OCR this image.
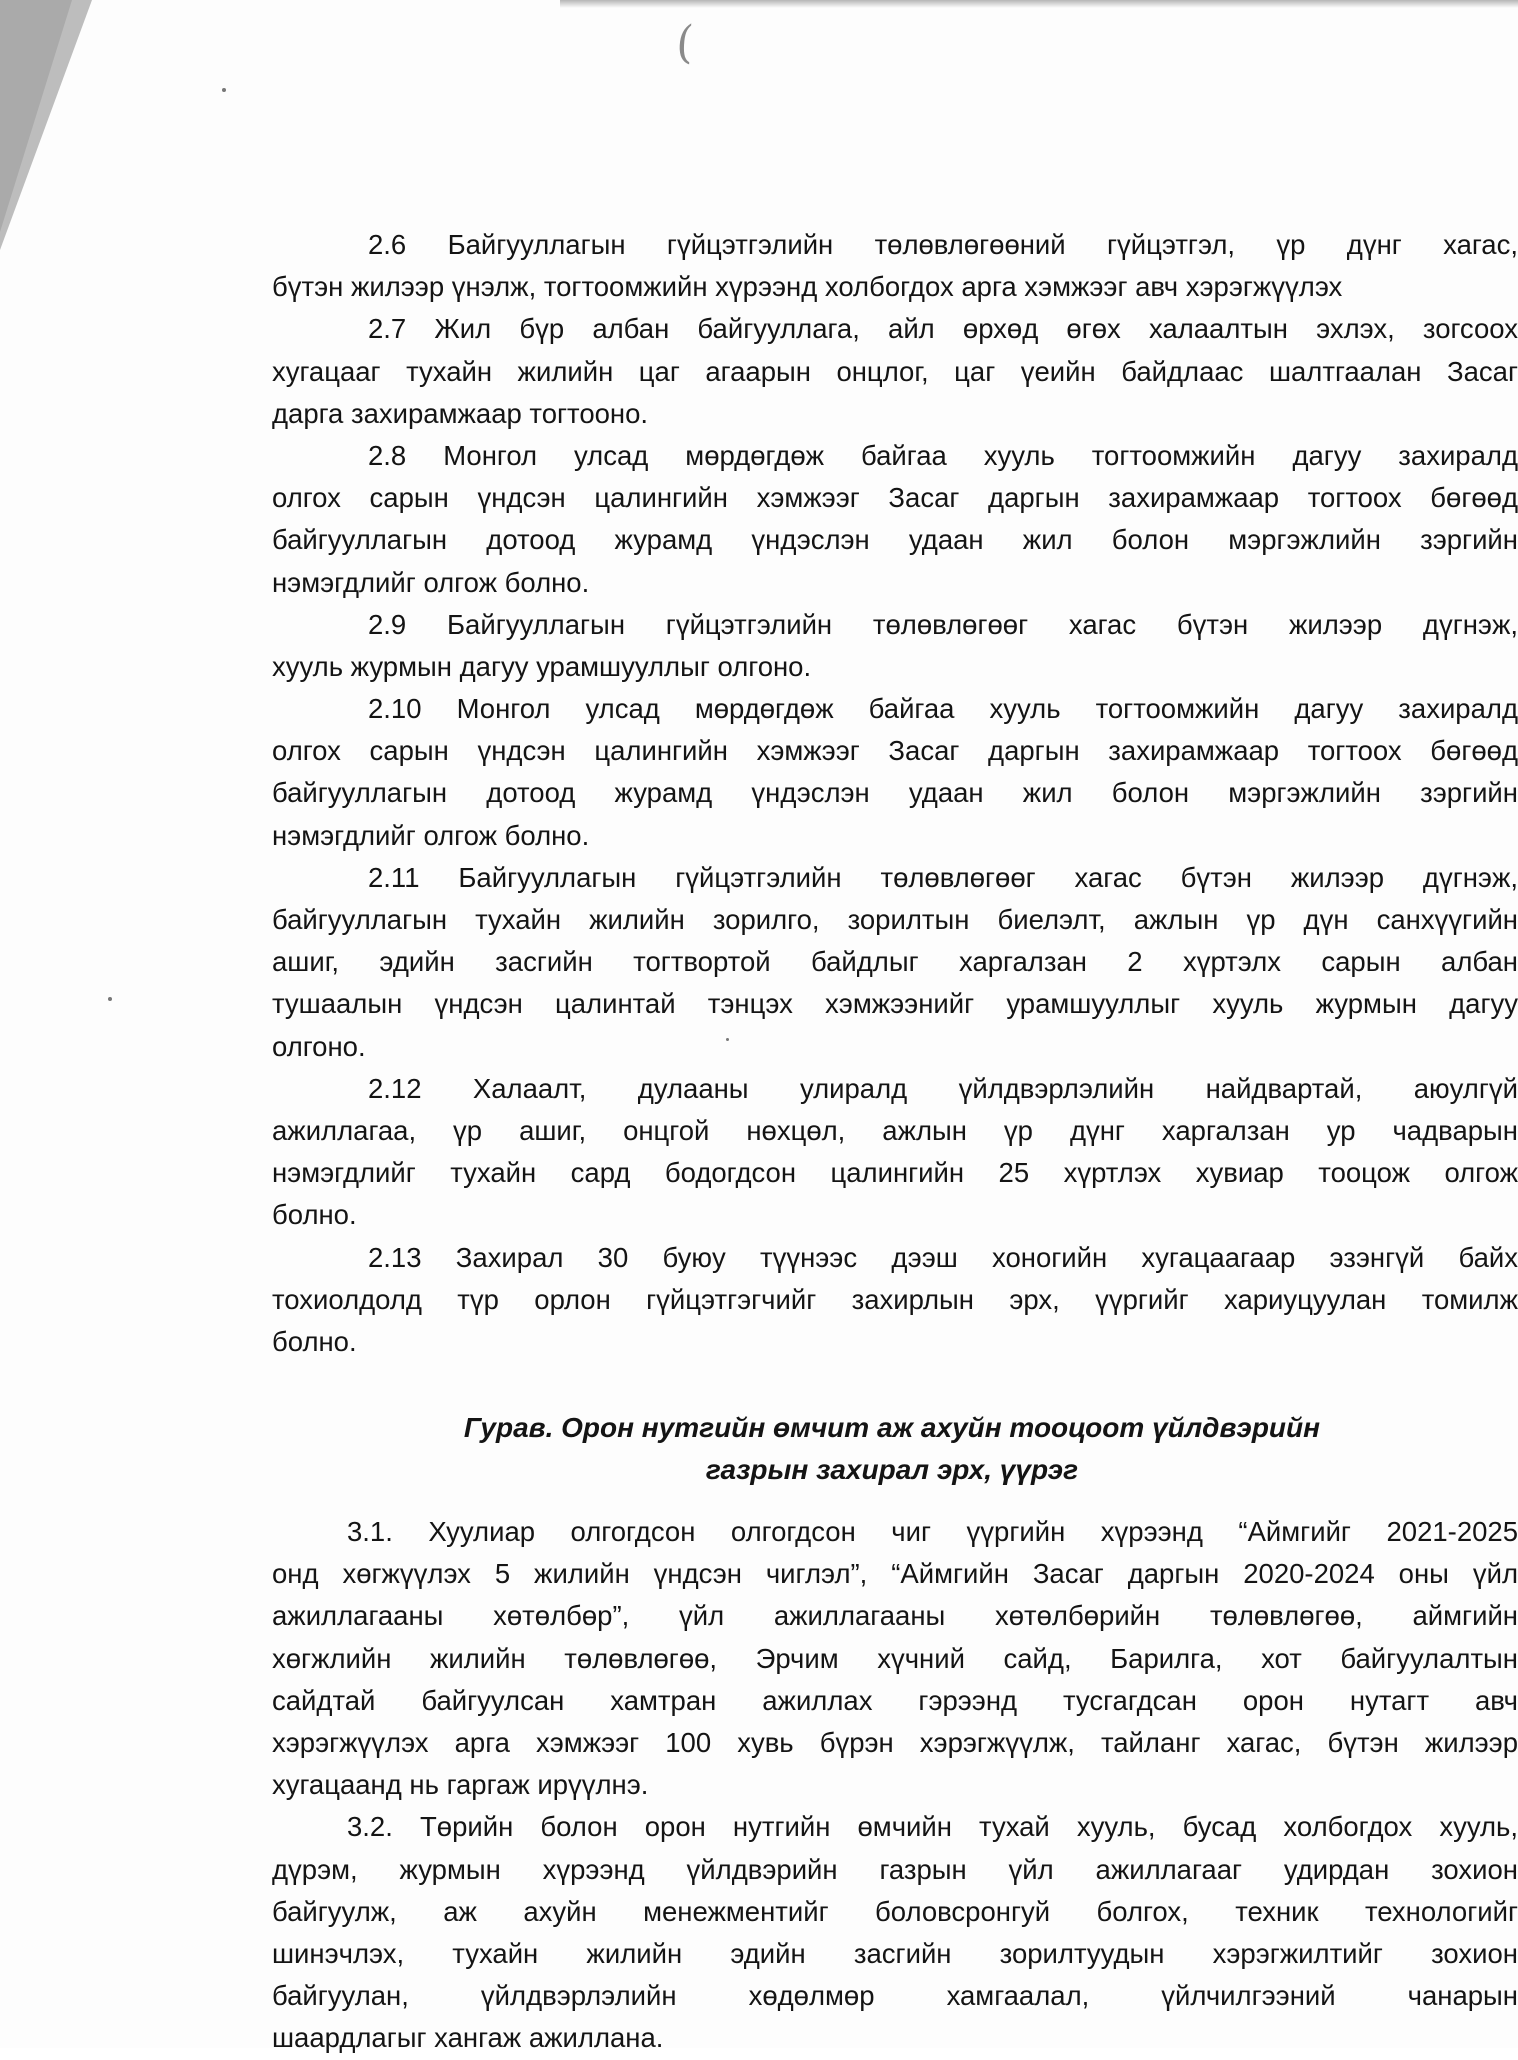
(
2.6 Байгууллагын гүйцэтгэлийн төлөвлөгөөний гүйцэтгэл, үр дүнг хагас,
бүтэн жилээр үнэлж, тогтоомжийн хүрээнд холбогдох арга хэмжээг авч хэрэгжүүлэх
2.7 Жил бүр албан байгууллага, айл өрхөд өгөх халаалтын эхлэх, зогсоох
хугацааг тухайн жилийн цаг агаарын онцлог, цаг үеийн байдлаас шалтгаалан Засаг
дарга захирамжаар тогтооно.
2.8 Монгол улсад мөрдөгдөж байгаа хууль тогтоомжийн дагуу захиралд
олгох сарын үндсэн цалингийн хэмжээг Засаг даргын захирамжаар тогтоох бөгөөд
байгууллагын дотоод журамд үндэслэн удаан жил болон мэргэжлийн зэргийн
нэмэгдлийг олгож болно.
2.9 Байгууллагын гүйцэтгэлийн төлөвлөгөөг хагас бүтэн жилээр дүгнэж,
хууль журмын дагуу урамшууллыг олгоно.
2.10 Монгол улсад мөрдөгдөж байгаа хууль тогтоомжийн дагуу захиралд
олгох сарын үндсэн цалингийн хэмжээг Засаг даргын захирамжаар тогтоох бөгөөд
байгууллагын дотоод журамд үндэслэн удаан жил болон мэргэжлийн зэргийн
нэмэгдлийг олгож болно.
2.11 Байгууллагын гүйцэтгэлийн төлөвлөгөөг хагас бүтэн жилээр дүгнэж,
байгууллагын тухайн жилийн зорилго, зорилтын биелэлт, ажлын үр дүн санхүүгийн
ашиг, эдийн засгийн тогтвортой байдлыг харгалзан 2 хүртэлх сарын албан
тушаалын үндсэн цалинтай тэнцэх хэмжээнийг урамшууллыг хууль журмын дагуу
олгоно.
2.12 Халаалт, дулааны улиралд үйлдвэрлэлийн найдвартай, аюулгүй
ажиллагаа, үр ашиг, онцгой нөхцөл, ажлын үр дүнг харгалзан ур чадварын
нэмэгдлийг тухайн сард бодогдсон цалингийн 25 хүртлэх хувиар тооцож олгож
болно.
2.13 Захирал 30 буюу түүнээс дээш хоногийн хугацаагаар эзэнгүй байх
тохиолдолд түр орлон гүйцэтгэгчийг захирлын эрх, үүргийг хариуцуулан томилж
болно.

Гурав. Орон нутгийн өмчит аж ахуйн тооцоот үйлдвэрийн

газрын захирал эрх, үүрэг

3.1. Хуулиар олгогдсон олгогдсон чиг үүргийн хүрээнд “Аймгийг 2021-2025
онд хөгжүүлэх 5 жилийн үндсэн чиглэл”, “Аймгийн Засаг даргын 2020-2024 оны үйл
ажиллагааны хөтөлбөр”, үйл ажиллагааны хөтөлбөрийн төлөвлөгөө, аймгийн
хөгжлийн жилийн төлөвлөгөө, Эрчим хүчний сайд, Барилга, хот байгуулалтын
сайдтай байгуулсан хамтран ажиллах гэрээнд тусгагдсан орон нутагт авч
хэрэгжүүлэх арга хэмжээг 100 хувь бүрэн хэрэгжүүлж, тайланг хагас, бүтэн жилээр
хугацаанд нь гаргаж ирүүлнэ.
3.2. Төрийн болон орон нутгийн өмчийн тухай хууль, бусад холбогдох хууль,
дүрэм, журмын хүрээнд үйлдвэрийн газрын үйл ажиллагааг удирдан зохион
байгуулж, аж ахуйн менежментийг боловсронгуй болгох, техник технологийг
шинэчлэх, тухайн жилийн эдийн засгийн зорилтуудын хэрэгжилтийг зохион
байгуулан, үйлдвэрлэлийн хөдөлмөр хамгаалал, үйлчилгээний чанарын
шаардлагыг хангаж ажиллана.
